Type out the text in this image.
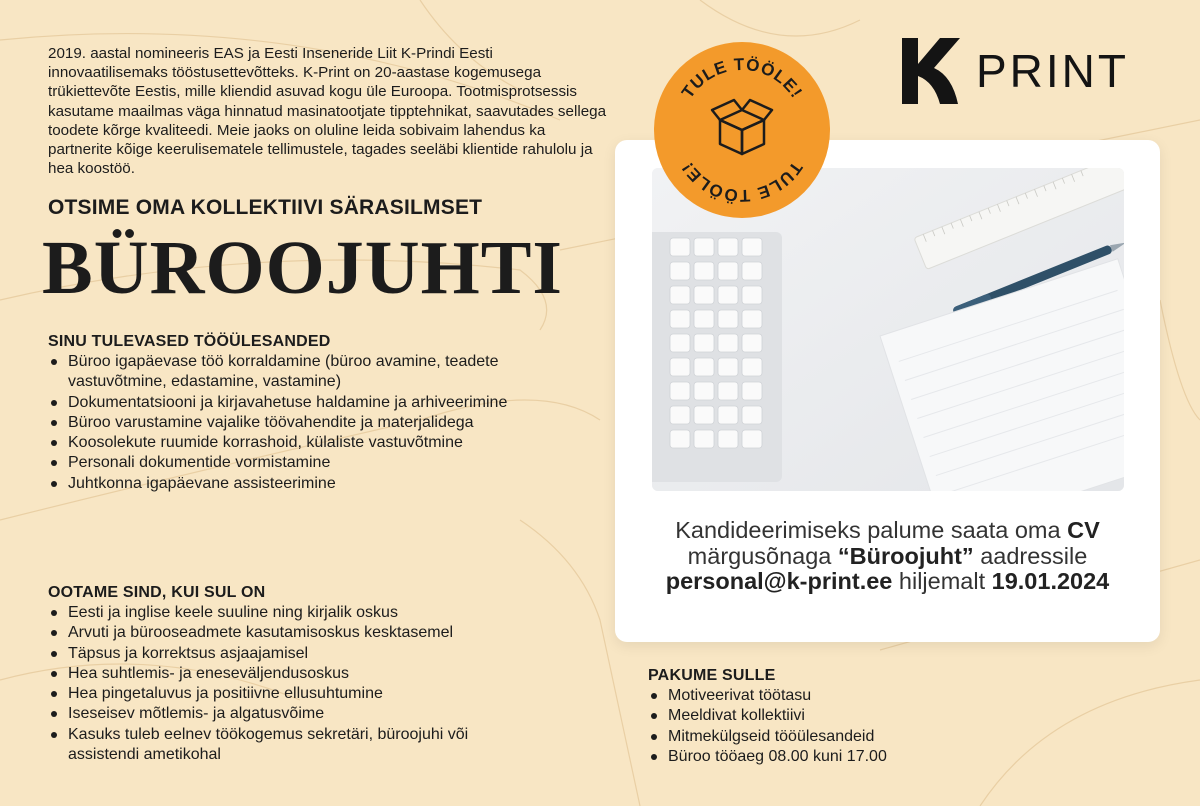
2019. aastal nomineeris EAS ja Eesti Inseneride Liit K-Prindi Eesti innovaatilisemaks tööstusettevõtteks. K-Print on 20-aastase kogemusega trükiettevõte Eestis, mille kliendid asuvad kogu üle Euroopa. Tootmisprotsessis kasutame maailmas väga hinnatud masinatootjate tipptehnikat, saavutades sellega toodete kõrge kvaliteedi. Meie jaoks on oluline leida sobivaim lahendus ka partnerite kõige keerulisematele tellimustele, tagades seeläbi klientide rahulolu ja hea koostöö.

OTSIME OMA KOLLEKTIIVI SÄRASILMSET
BÜROOJUHTI
SINU TULEVASED TÖÖÜLESANDED
Büroo igapäevase töö korraldamine (büroo avamine, teadete vastuvõtmine, edastamine, vastamine)
Dokumentatsiooni ja kirjavahetuse haldamine ja arhiveerimine
Büroo varustamine vajalike töövahendite ja materjalidega
Koosolekute ruumide korrashoid, külaliste vastuvõtmine
Personali dokumentide vormistamine
Juhtkonna igapäevane assisteerimine
OOTAME SIND, KUI SUL ON
Eesti ja inglise keele suuline ning kirjalik oskus
Arvuti ja bürooseadmete kasutamisoskus kesktasemel
Täpsus ja korrektsus asjaajamisel
Hea suhtlemis- ja eneseväljendusoskus
Hea pingetaluvus ja positiivne ellusuhtumine
Iseseisev mõtlemis- ja algatusvõime
Kasuks tuleb eelnev töökogemus sekretäri, büroojuhi või assistendi ametikohal
PAKUME SULLE
Motiveerivat töötasu
Meeldivat kollektiivi
Mitmekülgseid tööülesandeid
Büroo tööaeg 08.00 kuni 17.00
K
PRINT
Kandideerimiseks palume saata oma CV
märgusõnaga “Büroojuht” aadressile
personal@k-print.ee hiljemalt 19.01.2024
TULE TÖÖLE!
TULE TÖÖLE!
